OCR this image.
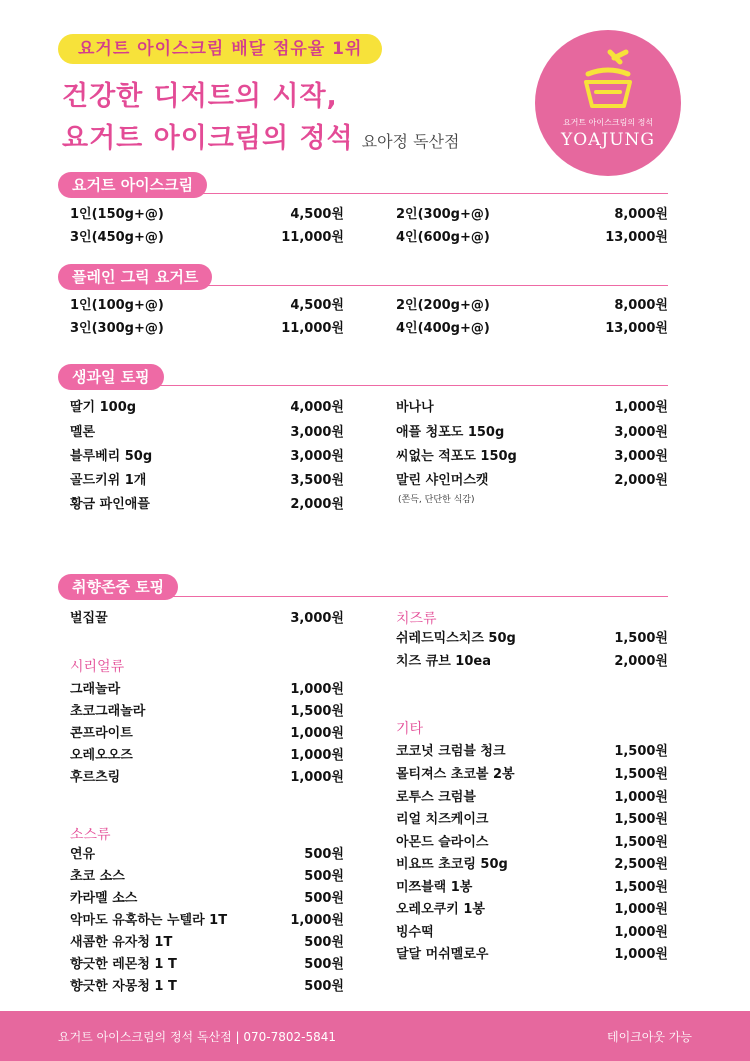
요거트 아이스크림 배달 점유율 1위
건강한 디저트의 시작,
요거트 아이크림의 정석 요아정 독산점
요거트 아이스크림의 정석
YOAJUNG
요거트 아이스크림
1인(150g+@)	4,500원
3인(450g+@)	11,000원
2인(300g+@)	8,000원
4인(600g+@)	13,000원
플레인 그릭 요거트
1인(100g+@)	4,500원
3인(300g+@)	11,000원
2인(200g+@)	8,000원
4인(400g+@)	13,000원
생과일 토핑
딸기 100g	4,000원
멜론	3,000원
블루베리 50g	3,000원
골드키위 1개	3,500원
황금 파인애플	2,000원
바나나	1,000원
애플 청포도 150g	3,000원
씨없는 적포도 150g	3,000원
말린 샤인머스캣	2,000원
(쫀득, 단단한 식감)
취향존중 토핑
벌집꿀	3,000원
시리얼류
그래놀라	1,000원
초코그래놀라	1,500원
콘프라이트	1,000원
오레오오즈	1,000원
후르츠링	1,000원
소스류
연유	500원
초코 소스	500원
카라멜 소스	500원
악마도 유혹하는 누텔라 1T	1,000원
새콤한 유자청 1T	500원
향긋한 레몬청 1 T	500원
향긋한 자몽청 1 T	500원
치즈류
쉬레드믹스치즈 50g	1,500원
치즈 큐브 10ea	2,000원
기타
코코넛 크럼블 청크	1,500원
몰티져스 초코볼 2봉	1,500원
로투스 크럼블	1,000원
리얼 치즈케이크	1,500원
아몬드 슬라이스	1,500원
비요뜨 초코링 50g	2,500원
미쯔블랙 1봉	1,500원
오레오쿠키 1봉	1,000원
빙수떡	1,000원
달달 머쉬멜로우	1,000원
요거트 아이스크림의 정석 독산점 | 070-7802-5841	테이크아웃 가능
